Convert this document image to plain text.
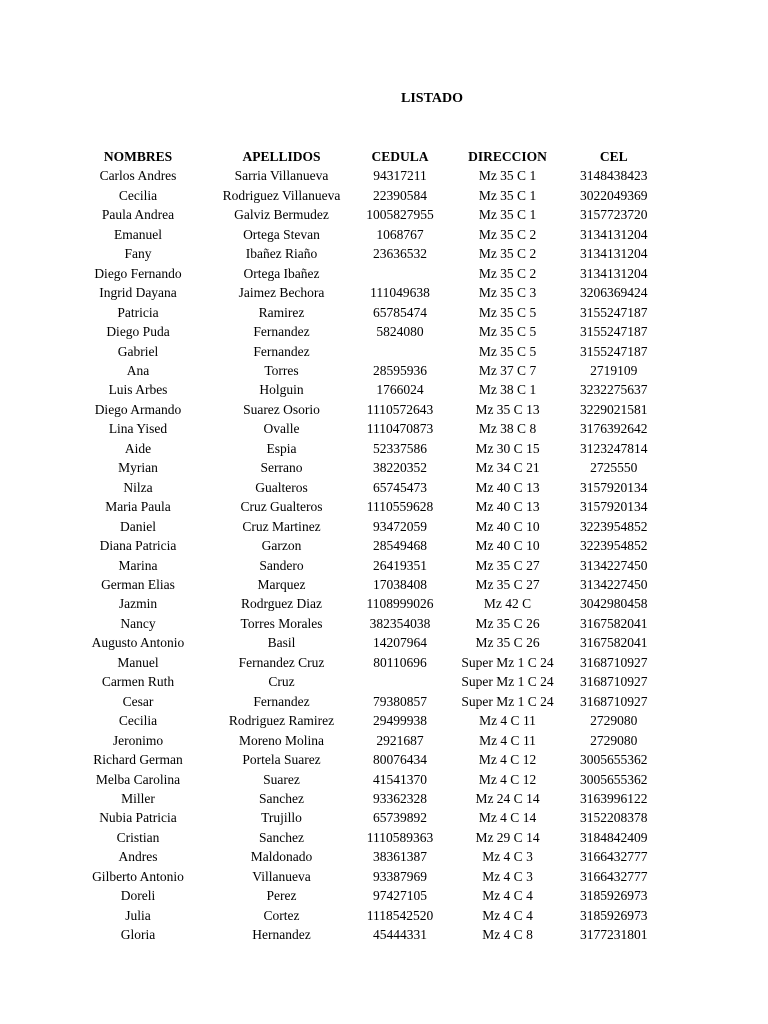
LISTADO
NOMBRES	APELLIDOS	CEDULA	DIRECCION	CEL
Carlos Andres	Sarria Villanueva	94317211	Mz 35 C 1	3148438423
Cecilia	Rodriguez Villanueva	22390584	Mz 35 C 1	3022049369
Paula Andrea	Galviz Bermudez	1005827955	Mz 35 C 1	3157723720
Emanuel	Ortega Stevan	1068767	Mz 35 C 2	3134131204
Fany	Ibañez Riaño	23636532	Mz 35 C 2	3134131204
Diego Fernando	Ortega Ibañez		Mz 35 C 2	3134131204
Ingrid Dayana	Jaimez Bechora	111049638	Mz 35 C 3	3206369424
Patricia	Ramirez	65785474	Mz 35 C 5	3155247187
Diego Puda	Fernandez	5824080	Mz 35 C 5	3155247187
Gabriel	Fernandez		Mz 35 C 5	3155247187
Ana	Torres	28595936	Mz 37 C 7	2719109
Luis Arbes	Holguin	1766024	Mz 38 C 1	3232275637
Diego Armando	Suarez Osorio	1110572643	Mz 35 C 13	3229021581
Lina Yised	Ovalle	1110470873	Mz 38 C 8	3176392642
Aide	Espia	52337586	Mz 30 C 15	3123247814
Myrian	Serrano	38220352	Mz 34 C 21	2725550
Nilza	Gualteros	65745473	Mz 40 C 13	3157920134
Maria Paula	Cruz Gualteros	1110559628	Mz 40 C 13	3157920134
Daniel	Cruz Martinez	93472059	Mz 40 C 10	3223954852
Diana Patricia	Garzon	28549468	Mz 40 C 10	3223954852
Marina	Sandero	26419351	Mz 35 C 27	3134227450
German Elias	Marquez	17038408	Mz 35 C 27	3134227450
Jazmin	Rodrguez Diaz	1108999026	Mz 42 C	3042980458
Nancy	Torres Morales	382354038	Mz 35 C 26	3167582041
Augusto Antonio	Basil	14207964	Mz 35 C 26	3167582041
Manuel	Fernandez Cruz	80110696	Super Mz 1 C 24	3168710927
Carmen Ruth	Cruz		Super Mz 1 C 24	3168710927
Cesar	Fernandez	79380857	Super Mz 1 C 24	3168710927
Cecilia	Rodriguez Ramirez	29499938	Mz 4 C 11	2729080
Jeronimo	Moreno Molina	2921687	Mz 4 C 11	2729080
Richard German	Portela Suarez	80076434	Mz 4 C 12	3005655362
Melba Carolina	Suarez	41541370	Mz 4 C 12	3005655362
Miller	Sanchez	93362328	Mz 24 C 14	3163996122
Nubia Patricia	Trujillo	65739892	Mz 4 C 14	3152208378
Cristian	Sanchez	1110589363	Mz 29 C 14	3184842409
Andres	Maldonado	38361387	Mz 4 C 3	3166432777
Gilberto Antonio	Villanueva	93387969	Mz 4 C 3	3166432777
Doreli	Perez	97427105	Mz 4 C 4	3185926973
Julia	Cortez	1118542520	Mz 4 C 4	3185926973
Gloria	Hernandez	45444331	Mz 4 C 8	3177231801
